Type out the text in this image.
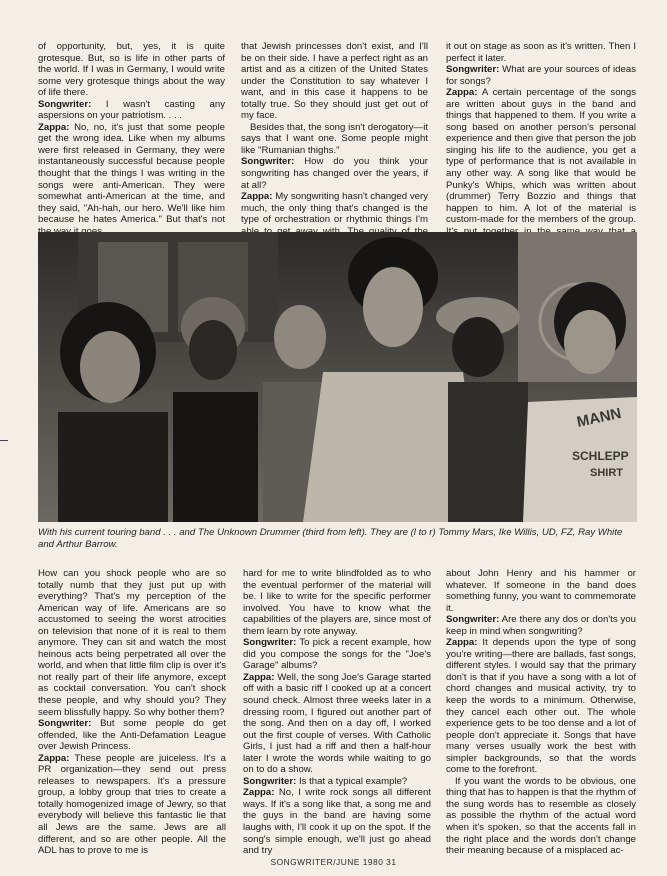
of opportunity, but, yes, it is quite grotesque. But, so is life in other parts of the world. If I was in Germany, I would write some very grotesque things about the way of life there.

Songwriter: I wasn't casting any aspersions on your patriotism. . . .

Zappa: No, no, it's just that some people get the wrong idea. Like when my albums were first released in Germany, they were instantaneously successful because people thought that the things I was writing in the songs were anti-American. They were somewhat anti-American at the time, and they said, "Ah-hah, our hero. We'll like him because he hates America." But that's not

that Jewish princesses don't exist, and I'll be on their side. I have a perfect right as an artist and as a citizen of the United States under the Constitution to say whatever I want, and in this case it happens to be totally true. So they should just get out of my face.

Besides that, the song isn't derogatory—it says that I want one. Some people might like "Rumanian thighs."

Songwriter: How do you think your songwriting has changed over the years, if at all?

Zappa: My songwriting hasn't changed very much, the only thing that's changed is the type of orchestration or rhythmic things I'm

it out on stage as soon as it's written. Then I perfect it later.

Songwriter: What are your sources of ideas for songs?

Zappa: A certain percentage of the songs are written about guys in the band and things that happened to them. If you write a song based on another person's personal experience and then give that person the job singing his life to the audience, you get a type of performance that is not available in any other way. A song like that would be Punky's Whips, which was written about (drummer) Terry Bozzio and things that happen to him. A lot of the material is custom-made for the members of the group.

MANN
SCHLEPP
SHIRT
With his current touring band . . . and The Unknown Drummer (third from left). They are (l to r) Tommy Mars, Ike Willis, UD, FZ, Ray White and Arthur Barrow.

How can you shock people who are so totally numb that they just put up with everything? That's my perception of the American way of life. Americans are so accustomed to seeing the worst atrocities on television that none of it is real to them anymore. They can sit and watch the most heinous acts being perpetrated all over the world, and when that little film clip is over it's not really part of their life anymore, except as cocktail conversation. You can't shock these people, and why should you? They seem blissfully happy. So why bother them?

Songwriter: But some people do get offended, like the Anti-Defamation League over Jewish Princess.

Zappa: These people are juiceless. It's a PR organization—they send out press releases to newspapers. It's a pressure group, a lobby group that tries to create a totally homogenized image of Jewry, so that everybody will believe this fantastic lie that all Jews are the same. Jews are all different, and so are other people. All the ADL has to prove to me is

hard for me to write blindfolded as to who the eventual performer of the material will be. I like to write for the specific performer involved. You have to know what the capabilities of the players are, since most of them learn by rote anyway.

Songwriter: To pick a recent example, how did you compose the songs for the "Joe's Garage" albums?

Zappa: Well, the song Joe's Garage started off with a basic riff I cooked up at a concert sound check. Almost three weeks later in a dressing room, I figured out another part of the song. And then on a day off, I worked out the first couple of verses. With Catholic Girls, I just had a riff and then a half-hour later I wrote the words while waiting to go on to do a show.

Songwriter: Is that a typical example?

Zappa: No, I write rock songs all different ways. If it's a song like that, a song me and the guys in the band are having some laughs with, I'll cook it up on the spot. If the song's simple enough, we'll just go ahead and try

about John Henry and his hammer or whatever. If someone in the band does something funny, you want to commemorate it.

Songwriter: Are there any dos or don'ts you keep in mind when songwriting?

Zappa: It depends upon the type of song you're writing—there are ballads, fast songs, different styles. I would say that the primary don't is that if you have a song with a lot of chord changes and musical activity, try to keep the words to a minimum. Otherwise, they cancel each other out. The whole experience gets to be too dense and a lot of people don't appreciate it. Songs that have many verses usually work the best with simpler backgrounds, so that the words come to the forefront.

If you want the words to be obvious, one thing that has to happen is that the rhythm of the sung words has to resemble as closely as possible the rhythm of the actual word when it's spoken, so that the accents fall in the right place and the words don't change their meaning because of a misplaced ac-

SONGWRITER/JUNE 1980 31
